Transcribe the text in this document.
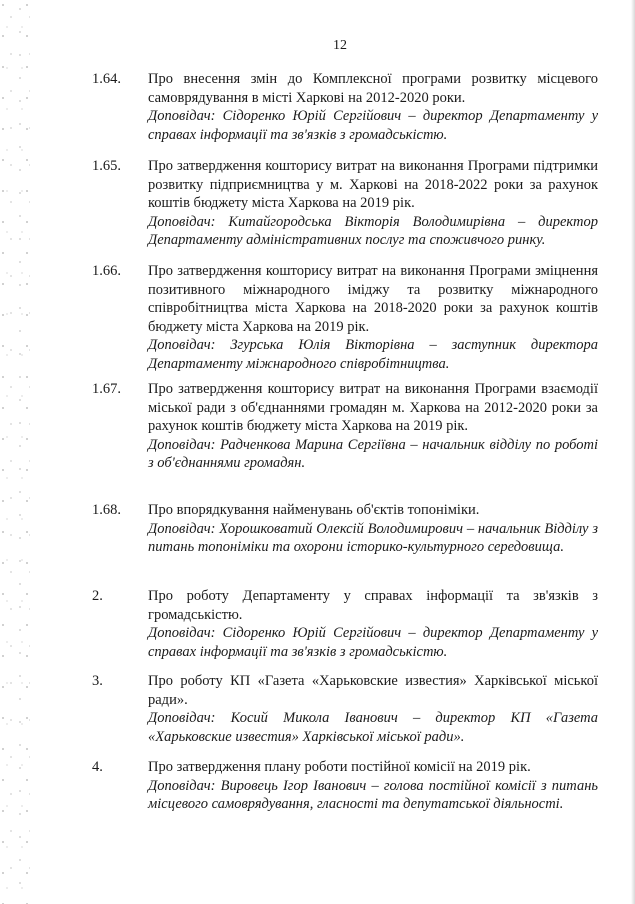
12
1.64.	Про внесення змін до Комплексної програми розвитку місцевого самоврядування в місті Харкові на 2012-2020 роки.
Доповідач: Сідоренко Юрій Сергійович – директор Департаменту у справах інформації та зв'язків з громадськістю.
1.65.	Про затвердження кошторису витрат на виконання Програми підтримки розвитку підприємництва у м. Харкові на 2018-2022 роки за рахунок коштів бюджету міста Харкова на 2019 рік.
Доповідач: Китайгородська Вікторія Володимирівна – директор Департаменту адміністративних послуг та споживчого ринку.
1.66.	Про затвердження кошторису витрат на виконання Програми зміцнення позитивного міжнародного іміджу та розвитку міжнародного співробітництва міста Харкова на 2018-2020 роки за рахунок коштів бюджету міста Харкова на 2019 рік.
Доповідач: Згурська Юлія Вікторівна – заступник директора Департаменту міжнародного співробітництва.
1.67.	Про затвердження кошторису витрат на виконання Програми взаємодії міської ради з об'єднаннями громадян м. Харкова на 2012-2020 роки за рахунок коштів бюджету міста Харкова на 2019 рік.
Доповідач: Радченкова Марина Сергіївна – начальник відділу по роботі з об'єднаннями громадян.
1.68.	Про впорядкування найменувань об'єктів топоніміки.
Доповідач: Хорошковатий Олексій Володимирович – начальник Відділу з питань топоніміки та охорони історико-культурного середовища.
2.	Про роботу Департаменту у справах інформації та зв'язків з громадськістю.
Доповідач: Сідоренко Юрій Сергійович – директор Департаменту у справах інформації та зв'язків з громадськістю.
3.	Про роботу КП «Газета «Харьковские известия» Харківської міської ради».
Доповідач: Косий Микола Іванович – директор КП «Газета «Харьковские известия» Харківської міської ради».
4.	Про затвердження плану роботи постійної комісії на 2019 рік.
Доповідач: Вировець Ігор Іванович – голова постійної комісії з питань місцевого самоврядування, гласності та депутатської діяльності.
